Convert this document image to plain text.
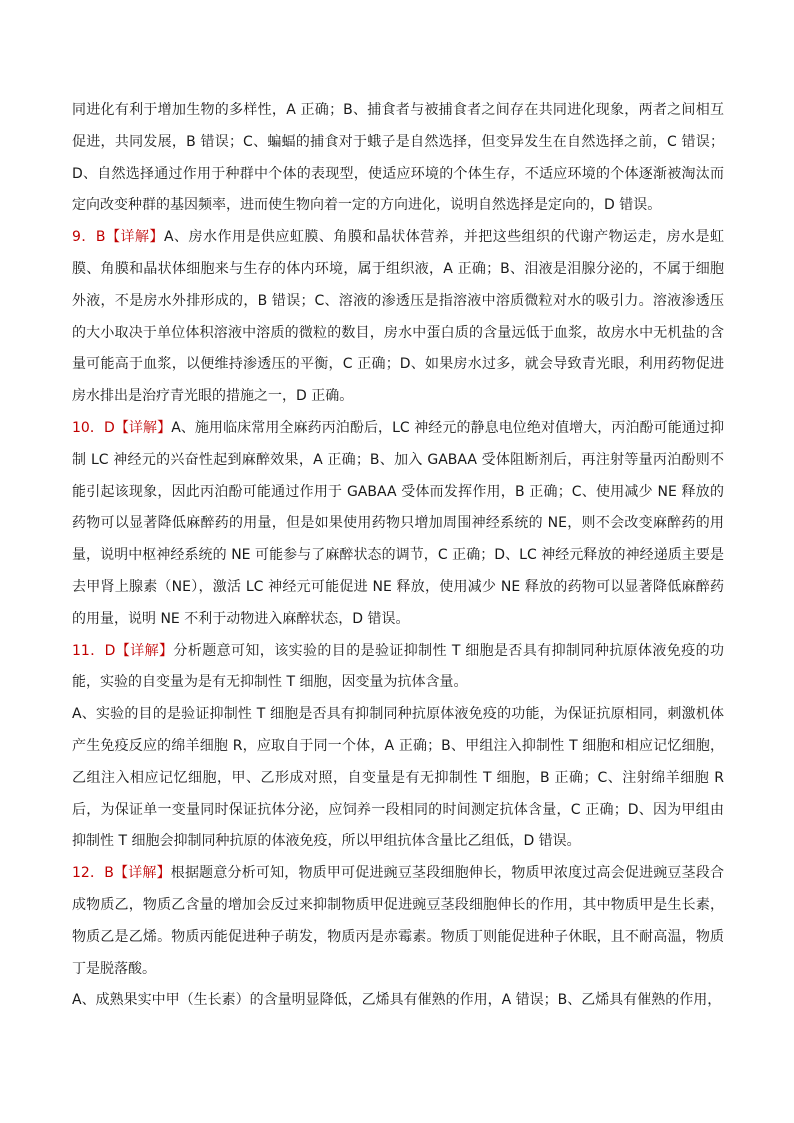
同进化有利于增加生物的多样性，A 正确；B、捕食者与被捕食者之间存在共同进化现象，两者之间相互促进，共同发展，B 错误；C、蝙蝠的捕食对于蛾子是自然选择，但变异发生在自然选择之前，C 错误；D、自然选择通过作用于种群中个体的表现型，使适应环境的个体生存，不适应环境的个体逐渐被淘汰而定向改变种群的基因频率，进而使生物向着一定的方向进化，说明自然选择是定向的，D 错误。

9．B【详解】A、房水作用是供应虹膜、角膜和晶状体营养，并把这些组织的代谢产物运走，房水是虹膜、角膜和晶状体细胞来与生存的体内环境，属于组织液，A 正确；B、泪液是泪腺分泌的，不属于细胞外液，不是房水外排形成的，B 错误；C、溶液的渗透压是指溶液中溶质微粒对水的吸引力。溶液渗透压的大小取决于单位体积溶液中溶质的微粒的数目，房水中蛋白质的含量远低于血浆，故房水中无机盐的含量可能高于血浆，以便维持渗透压的平衡，C 正确；D、如果房水过多，就会导致青光眼，利用药物促进房水排出是治疗青光眼的措施之一，D 正确。

10．D【详解】A、施用临床常用全麻药丙泊酚后，LC 神经元的静息电位绝对值增大，丙泊酚可能通过抑制 LC 神经元的兴奋性起到麻醉效果，A 正确；B、加入 GABAA 受体阻断剂后，再注射等量丙泊酚则不能引起该现象，因此丙泊酚可能通过作用于 GABAA 受体而发挥作用，B 正确；C、使用减少 NE 释放的药物可以显著降低麻醉药的用量，但是如果使用药物只增加周围神经系统的 NE，则不会改变麻醉药的用量，说明中枢神经系统的 NE 可能参与了麻醉状态的调节，C 正确；D、LC 神经元释放的神经递质主要是去甲肾上腺素（NE），激活 LC 神经元可能促进 NE 释放，使用减少 NE 释放的药物可以显著降低麻醉药的用量，说明 NE 不利于动物进入麻醉状态，D 错误。

11．D【详解】分析题意可知，该实验的目的是验证抑制性 T 细胞是否具有抑制同种抗原体液免疫的功能，实验的自变量为是有无抑制性 T 细胞，因变量为抗体含量。

A、实验的目的是验证抑制性 T 细胞是否具有抑制同种抗原体液免疫的功能，为保证抗原相同，刺激机体产生免疫反应的绵羊细胞 R，应取自于同一个体，A 正确；B、甲组注入抑制性 T 细胞和相应记忆细胞，乙组注入相应记忆细胞，甲、乙形成对照，自变量是有无抑制性 T 细胞，B 正确；C、注射绵羊细胞 R 后，为保证单一变量同时保证抗体分泌，应饲养一段相同的时间测定抗体含量，C 正确；D、因为甲组由抑制性 T 细胞会抑制同种抗原的体液免疫，所以甲组抗体含量比乙组低，D 错误。

12．B【详解】根据题意分析可知，物质甲可促进豌豆茎段细胞伸长，物质甲浓度过高会促进豌豆茎段合成物质乙，物质乙含量的增加会反过来抑制物质甲促进豌豆茎段细胞伸长的作用，其中物质甲是生长素，物质乙是乙烯。物质丙能促进种子萌发，物质丙是赤霉素。物质丁则能促进种子休眠，且不耐高温，物质丁是脱落酸。

A、成熟果实中甲（生长素）的含量明显降低，乙烯具有催熟的作用，A 错误；B、乙烯具有催熟的作用，
